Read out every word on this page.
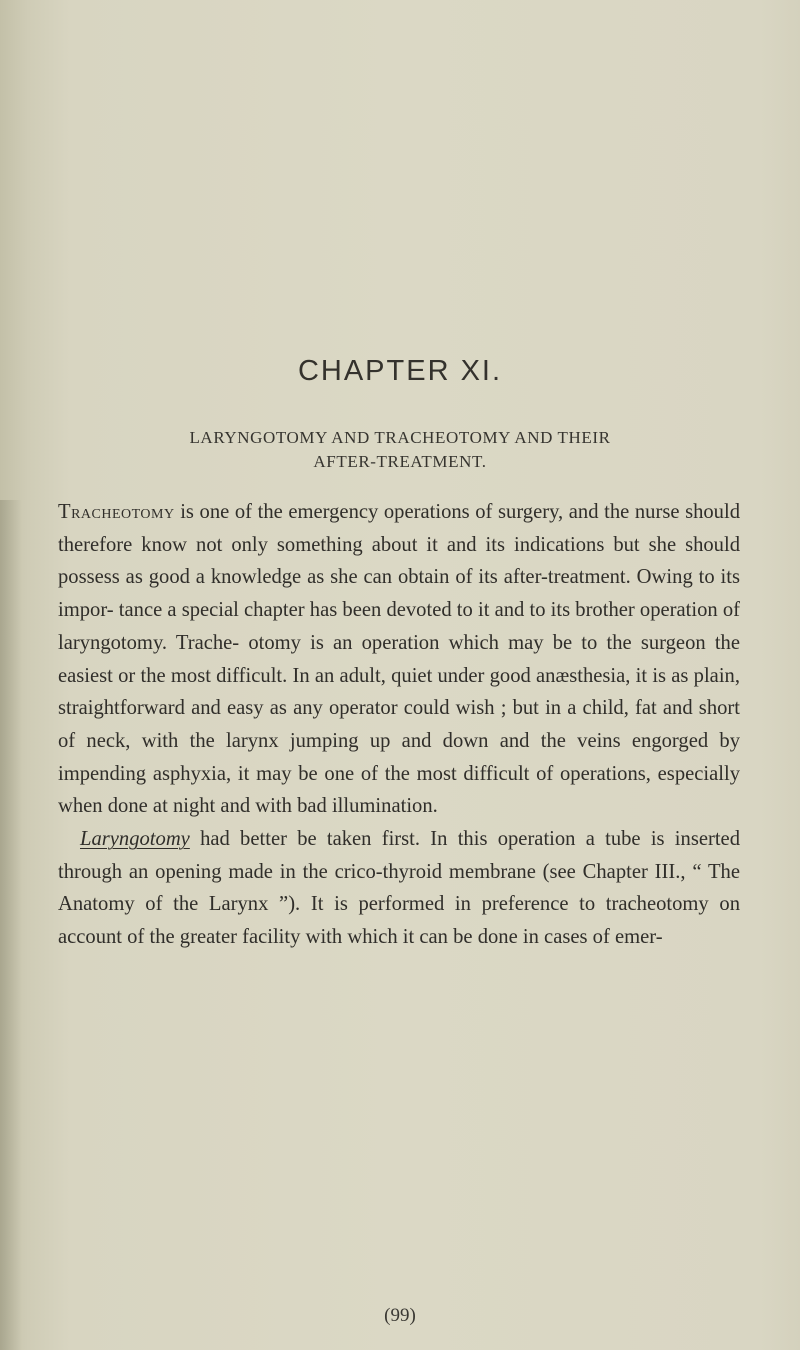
CHAPTER XI.
LARYNGOTOMY AND TRACHEOTOMY AND THEIR
AFTER-TREATMENT.

Tracheotomy is one of the emergency operations of surgery, and the nurse should therefore know not only something about it and its indications but she should possess as good a knowledge as she can obtain of its after-treatment. Owing to its impor- tance a special chapter has been devoted to it and to its brother operation of laryngotomy. Trache- otomy is an operation which may be to the surgeon the easiest or the most difficult. In an adult, quiet under good anæsthesia, it is as plain, straightforward and easy as any operator could wish ; but in a child, fat and short of neck, with the larynx jumping up and down and the veins engorged by impending asphyxia, it may be one of the most difficult of operations, especially when done at night and with bad illumination.

Laryngotomy had better be taken first. In this operation a tube is inserted through an opening made in the crico-thyroid membrane (see Chapter III., “ The Anatomy of the Larynx ”). It is performed in preference to tracheotomy on account of the greater facility with which it can be done in cases of emer-

(99)
